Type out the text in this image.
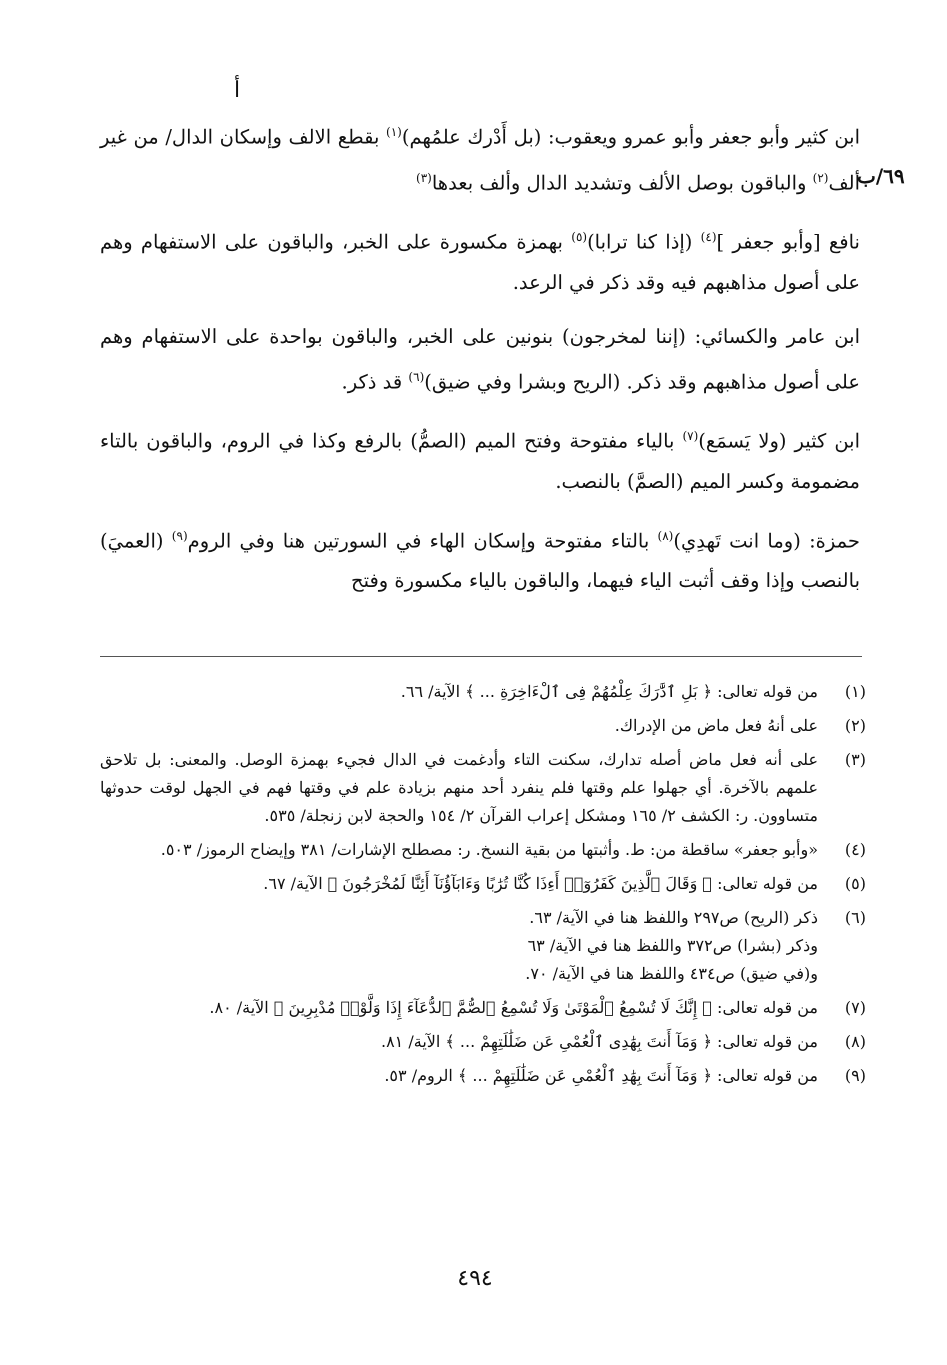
أ
٦٩/ب

ابن كثير وأبو جعفر وأبو عمرو ويعقوب: (بل أَدْرك علمُهم)$^{(١)}$ بقطع الالف وإسكان الدال/ من غير ألف$^{(٢)}$ والباقون بوصل الألف وتشديد الدال وألف بعدها$^{(٣)}$

نافع [وأبو جعفر ]$^{(٤)}$ (إذا كنا ترابا)$^{(٥)}$ بهمزة مكسورة على الخبر، والباقون على الاستفهام وهم على أصول مذاهبهم فيه وقد ذكر في الرعد.

ابن عامر والكسائي: (إننا لمخرجون) بنونين على الخبر، والباقون بواحدة على الاستفهام وهم على أصول مذاهبهم وقد ذكر. (الريح وبشرا وفي ضيق)$^{(٦)}$ قد ذكر.

ابن كثير (ولا يَسمَع)$^{(٧)}$ بالياء مفتوحة وفتح الميم (الصمُّ) بالرفع وكذا في الروم، والباقون بالتاء مضمومة وكسر الميم (الصمَّ) بالنصب.

حمزة: (وما انت تَهدِي)$^{(٨)}$ بالتاء مفتوحة وإسكان الهاء في السورتين هنا وفي الروم$^{(٩)}$ (العميَ) بالنصب وإذا وقف أثبت الياء فيهما، والباقون بالياء مكسورة وفتح

(١)
من قوله تعالى: ﴿ بَلِ ٱدَّٰرَكَ عِلْمُهُمْ فِى ٱلْءَاخِرَةِ ... ﴾ الآية/ ٦٦.
(٢)
على أنهُ فعل ماض من الإدراك.
(٣)
على أنه فعل ماض أصله تدارك، سكنت التاء وأدغمت في الدال فجيء بهمزة الوصل. والمعنى: بل تلاحق علمهم بالآخرة. أي جهلوا علم وقتها فلم ينفرد أحد منهم بزيادة علم في وقتها فهم في الجهل لوقت حدوثها متساوون. ر: الكشف ٢/ ١٦٥ ومشكل إعراب القرآن ٢/ ١٥٤ والحجة لابن زنجلة/ ٥٣٥.
(٤)
«وأبو جعفر» ساقطة من: ط. وأثبتها من بقية النسخ. ر: مصطلح الإشارات/ ٣٨١ وإيضاح الرموز/ ٥٠٣.
(٥)
من قوله تعالى: ﴿ وَقَالَ ٱلَّذِينَ كَفَرُوٓا۟ أَءِذَا كُنَّا تُرَٰبًا وَءَابَآؤُنَآ أَئِنَّا لَمُخْرَجُونَ ﴾ الآية/ ٦٧.
(٦)
ذكر (الريح) ص٢٩٧ واللفظ هنا في الآية/ ٦٣.
وذكر (بشرا) ص٣٧٢ واللفظ هنا في الآية/ ٦٣
و(في ضيق) ص٤٣٤ واللفظ هنا في الآية/ ٧٠.
(٧)
من قوله تعالى: ﴿ إِنَّكَ لَا تُسْمِعُ ٱلْمَوْتَىٰ وَلَا تُسْمِعُ ٱلصُّمَّ ٱلدُّعَآءَ إِذَا وَلَّوْا۟ مُدْبِرِينَ ﴾ الآية/ ٨٠.
(٨)
من قوله تعالى: ﴿ وَمَآ أَنتَ بِهَٰدِى ٱلْعُمْىِ عَن ضَلَٰلَتِهِمْ ... ﴾ الآية/ ٨١.
(٩)
من قوله تعالى: ﴿ وَمَآ أَنتَ بِهَٰدِ ٱلْعُمْىِ عَن ضَلَٰلَتِهِمْ ... ﴾ الروم/ ٥٣.
٤٩٤
